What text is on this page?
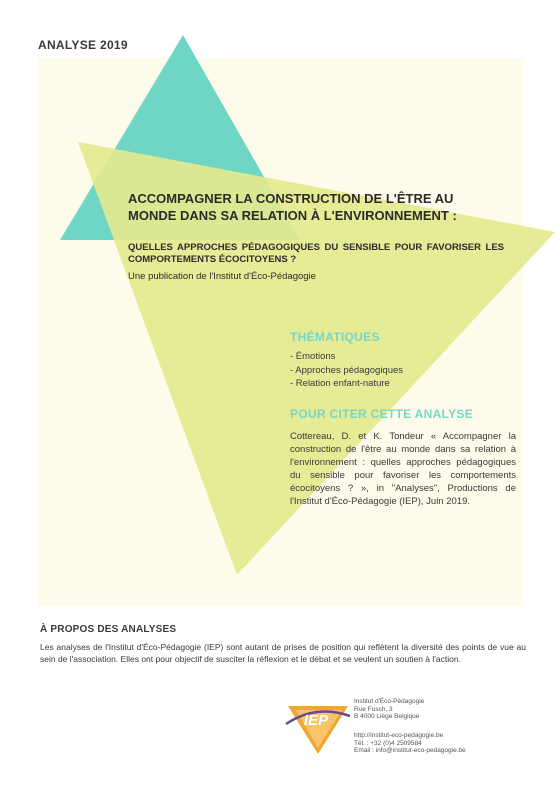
ANALYSE 2019
ACCOMPAGNER LA CONSTRUCTION DE L'ÊTRE AU
MONDE DANS SA RELATION À L'ENVIRONNEMENT :
QUELLES APPROCHES PÉDAGOGIQUES DU SENSIBLE POUR FAVORISER LES COMPORTEMENTS ÉCOCITOYENS ?
Une publication de l'Institut d'Éco-Pédagogie
THÉMATIQUES
- Émotions
- Approches pédagogiques
- Relation enfant-nature
POUR CITER CETTE ANALYSE
Cottereau, D. et K. Tondeur « Accompagner la construction de l'être au monde dans sa relation à l'environnement : quelles approches pédagogiques du sensible pour favoriser les comportements écocitoyens ? », in "Analyses", Productions de l'Institut d'Éco-Pédagogie (IEP), Juin 2019.
À PROPOS DES ANALYSES
Les analyses de l'Institut d'Éco-Pédagogie (IEP) sont autant de prises de position qui reflètent la diversité des points de vue au sein de l'association. Elles ont pour objectif de susciter la réflexion et le débat et se veulent un soutien à l'action.
IEP
Institut d'Éco-Pédagogie
Rue Fusch, 3
B 4000 Liège Belgique
http://institut-eco-pedagogie.be
Tél. : +32 (0)4 2509584
Email : info@institut-eco-pedagogie.be
